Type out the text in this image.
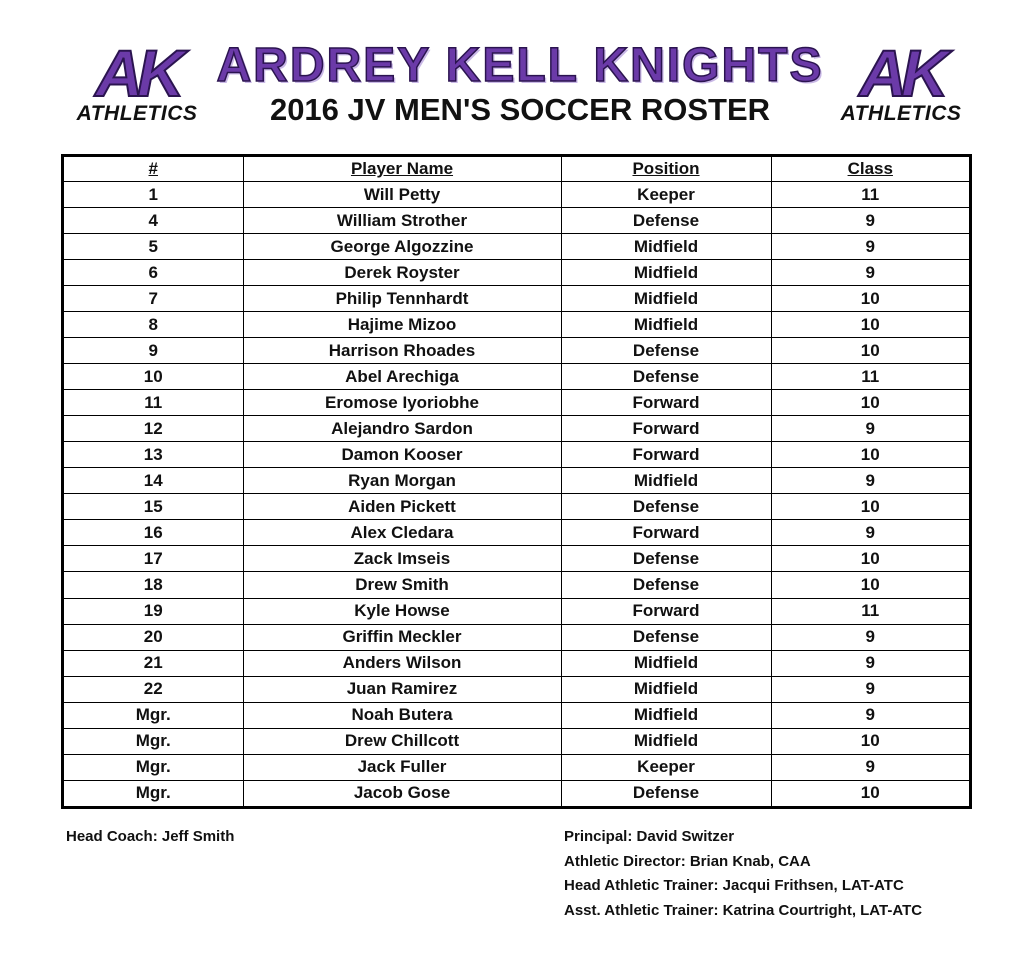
AK
ATHLETICS
AK
ATHLETICS
ARDREY KELL KNIGHTS
2016 JV MEN'S SOCCER ROSTER
#	Player Name	Position	Class
1	Will Petty	Keeper	11
4	William Strother	Defense	9
5	George Algozzine	Midfield	9
6	Derek Royster	Midfield	9
7	Philip Tennhardt	Midfield	10
8	Hajime Mizoo	Midfield	10
9	Harrison Rhoades	Defense	10
10	Abel Arechiga	Defense	11
11	Eromose Iyoriobhe	Forward	10
12	Alejandro Sardon	Forward	9
13	Damon Kooser	Forward	10
14	Ryan Morgan	Midfield	9
15	Aiden Pickett	Defense	10
16	Alex Cledara	Forward	9
17	Zack Imseis	Defense	10
18	Drew Smith	Defense	10
19	Kyle Howse	Forward	11
20	Griffin Meckler	Defense	9
21	Anders Wilson	Midfield	9
22	Juan Ramirez	Midfield	9
Mgr.	Noah Butera	Midfield	9
Mgr.	Drew Chillcott	Midfield	10
Mgr.	Jack Fuller	Keeper	9
Mgr.	Jacob Gose	Defense	10
Head Coach: Jeff Smith	Principal: David Switzer
Athletic Director: Brian Knab, CAA
Head Athletic Trainer: Jacqui Frithsen, LAT-ATC
Asst. Athletic Trainer: Katrina Courtright, LAT-ATC
